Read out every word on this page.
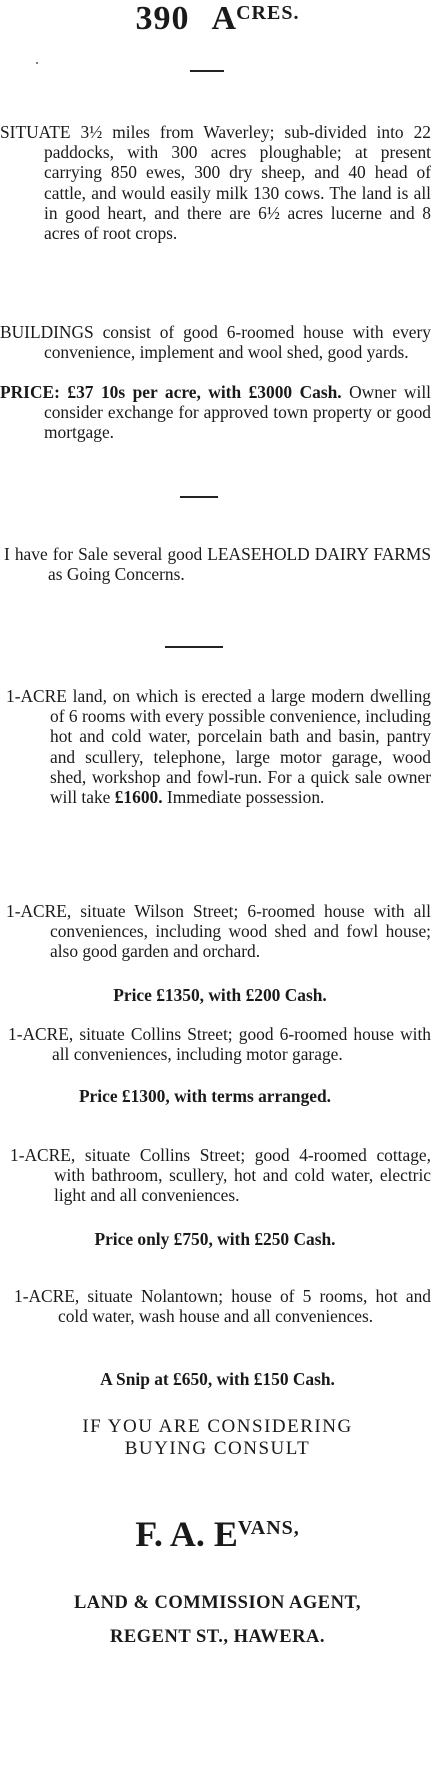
390 $A^{CRES.}$
SITUATE 3½ miles from Waverley; sub-divided into 22 paddocks, with 300 acres ploughable; at present carrying 850 ewes, 300 dry sheep, and 40 head of cattle, and would easily milk 130 cows. The land is all in good heart, and there are 6½ acres lucerne and 8 acres of root crops.
BUILDINGS consist of good 6-roomed house with every convenience, implement and wool shed, good yards.
PRICE: £37 10s per acre, with £3000 Cash. Owner will consider exchange for approved town property or good mortgage.
I have for Sale several good LEASEHOLD DAIRY FARMS as Going Concerns.
1-ACRE land, on which is erected a large modern dwelling of 6 rooms with every possible convenience, including hot and cold water, porcelain bath and basin, pantry and scullery, telephone, large motor garage, wood shed, workshop and fowl-run. For a quick sale owner will take £1600. Immediate possession.
1-ACRE, situate Wilson Street; 6-roomed house with all conveniences, including wood shed and fowl house; also good garden and orchard.
Price £1350, with £200 Cash.
1-ACRE, situate Collins Street; good 6-roomed house with all conveniences, including motor garage.
Price £1300, with terms arranged.
1-ACRE, situate Collins Street; good 4-roomed cottage, with bathroom, scullery, hot and cold water, electric light and all conveniences.
Price only £750, with £250 Cash.
1-ACRE, situate Nolantown; house of 5 rooms, hot and cold water, wash house and all conveniences.
A Snip at £650, with £150 Cash.
IF YOU ARE CONSIDERING
BUYING CONSULT
F. A. $E^{VANS,}$
LAND & COMMISSION AGENT,
REGENT ST., HAWERA.
